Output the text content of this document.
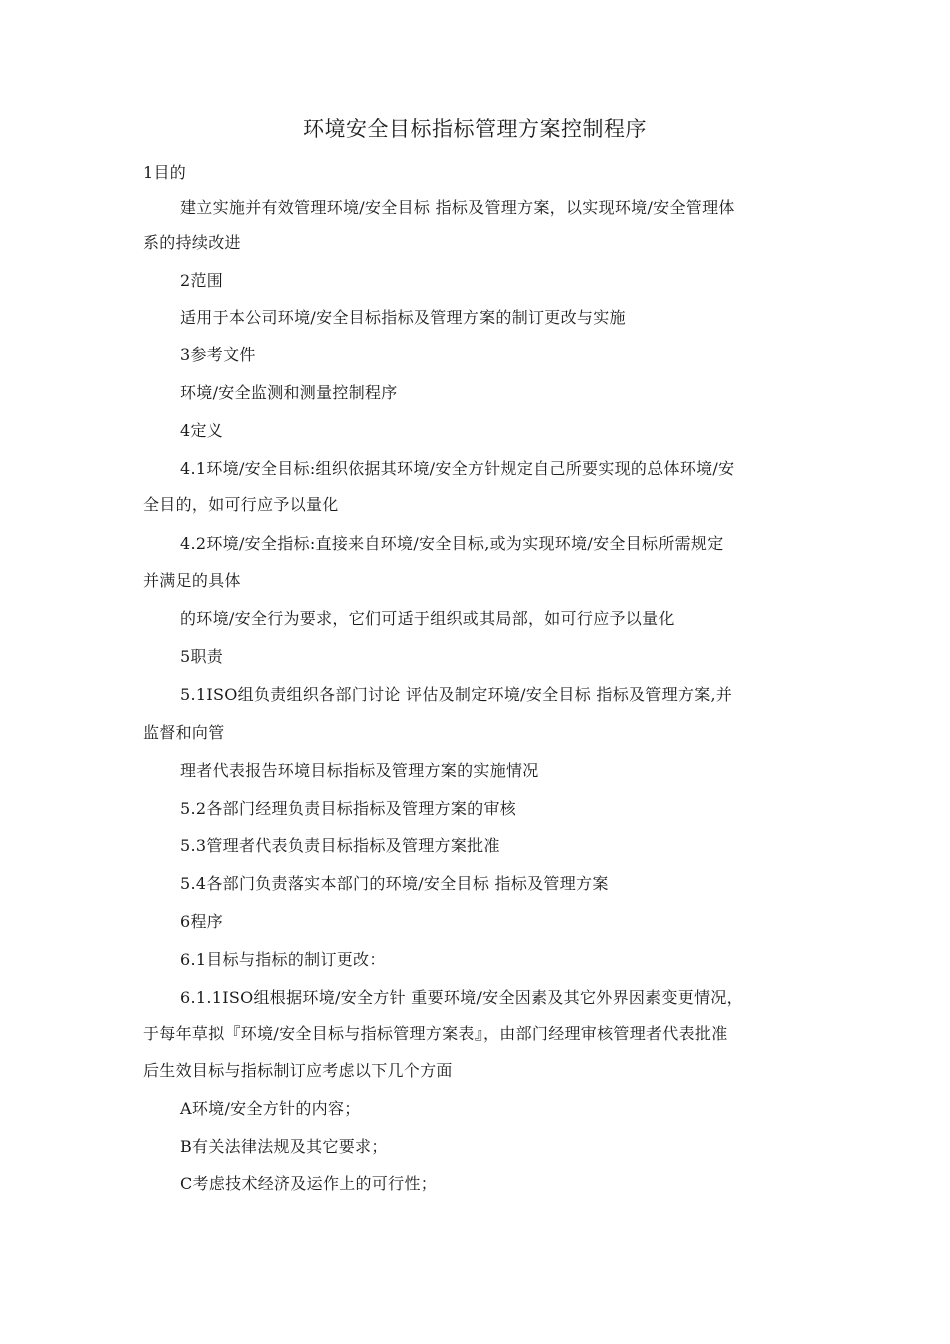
环境安全目标指标管理方案控制程序
1目的
建立实施并有效管理环境/安全目标 指标及管理方案，以实现环境/安全管理体
系的持续改进
2范围
适用于本公司环境/安全目标指标及管理方案的制订更改与实施
3参考文件
环境/安全监测和测量控制程序
4定义
4.1环境/安全目标:组织依据其环境/安全方针规定自己所要实现的总体环境/安
全目的，如可行应予以量化
4.2环境/安全指标:直接来自环境/安全目标,或为实现环境/安全目标所需规定
并满足的具体
的环境/安全行为要求，它们可适于组织或其局部，如可行应予以量化
5职责
5.1ISO组负责组织各部门讨论 评估及制定环境/安全目标 指标及管理方案,并
监督和向管
理者代表报告环境目标指标及管理方案的实施情况
5.2各部门经理负责目标指标及管理方案的审核
5.3管理者代表负责目标指标及管理方案批准
5.4各部门负责落实本部门的环境/安全目标 指标及管理方案
6程序
6.1目标与指标的制订更改：
6.1.1ISO组根据环境/安全方针 重要环境/安全因素及其它外界因素变更情况，
于每年草拟『环境/安全目标与指标管理方案表』，由部门经理审核管理者代表批准
后生效目标与指标制订应考虑以下几个方面
A环境/安全方针的内容；
B有关法律法规及其它要求；
C考虑技术经济及运作上的可行性；
